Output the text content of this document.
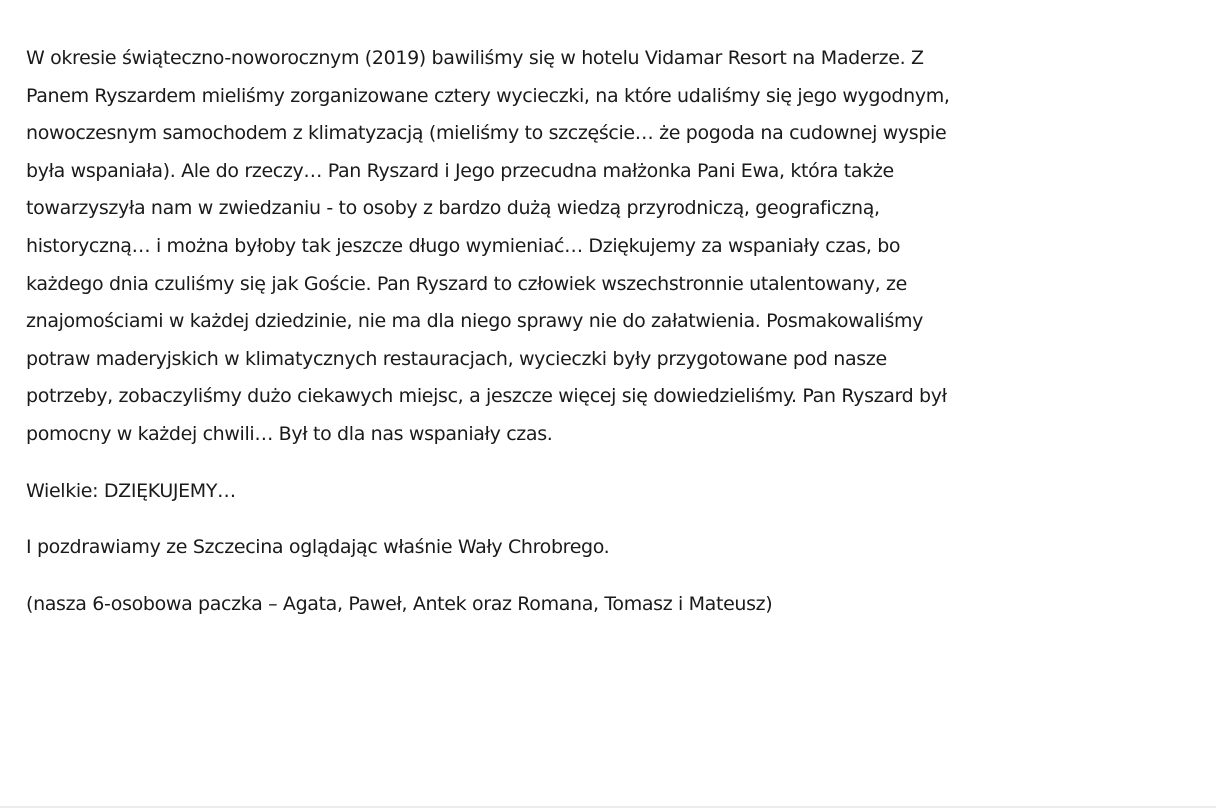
W okresie świąteczno-noworocznym (2019) bawiliśmy się w hotelu Vidamar Resort na Maderze. Z
Panem Ryszardem mieliśmy zorganizowane cztery wycieczki, na które udaliśmy się jego wygodnym,
nowoczesnym samochodem z klimatyzacją (mieliśmy to szczęście… że pogoda na cudownej wyspie
była wspaniała). Ale do rzeczy… Pan Ryszard i Jego przecudna małżonka Pani Ewa, która także
towarzyszyła nam w zwiedzaniu - to osoby z bardzo dużą wiedzą przyrodniczą, geograficzną,
historyczną… i można byłoby tak jeszcze długo wymieniać… Dziękujemy za wspaniały czas, bo
każdego dnia czuliśmy się jak Goście. Pan Ryszard to człowiek wszechstronnie utalentowany, ze
znajomościami w każdej dziedzinie, nie ma dla niego sprawy nie do załatwienia. Posmakowaliśmy
potraw maderyjskich w klimatycznych restauracjach, wycieczki były przygotowane pod nasze
potrzeby, zobaczyliśmy dużo ciekawych miejsc, a jeszcze więcej się dowiedzieliśmy. Pan Ryszard był
pomocny w każdej chwili… Był to dla nas wspaniały czas.
Wielkie: DZIĘKUJEMY…
I pozdrawiamy ze Szczecina oglądając właśnie Wały Chrobrego.
(nasza 6-osobowa paczka – Agata, Paweł, Antek oraz Romana, Tomasz i Mateusz)
